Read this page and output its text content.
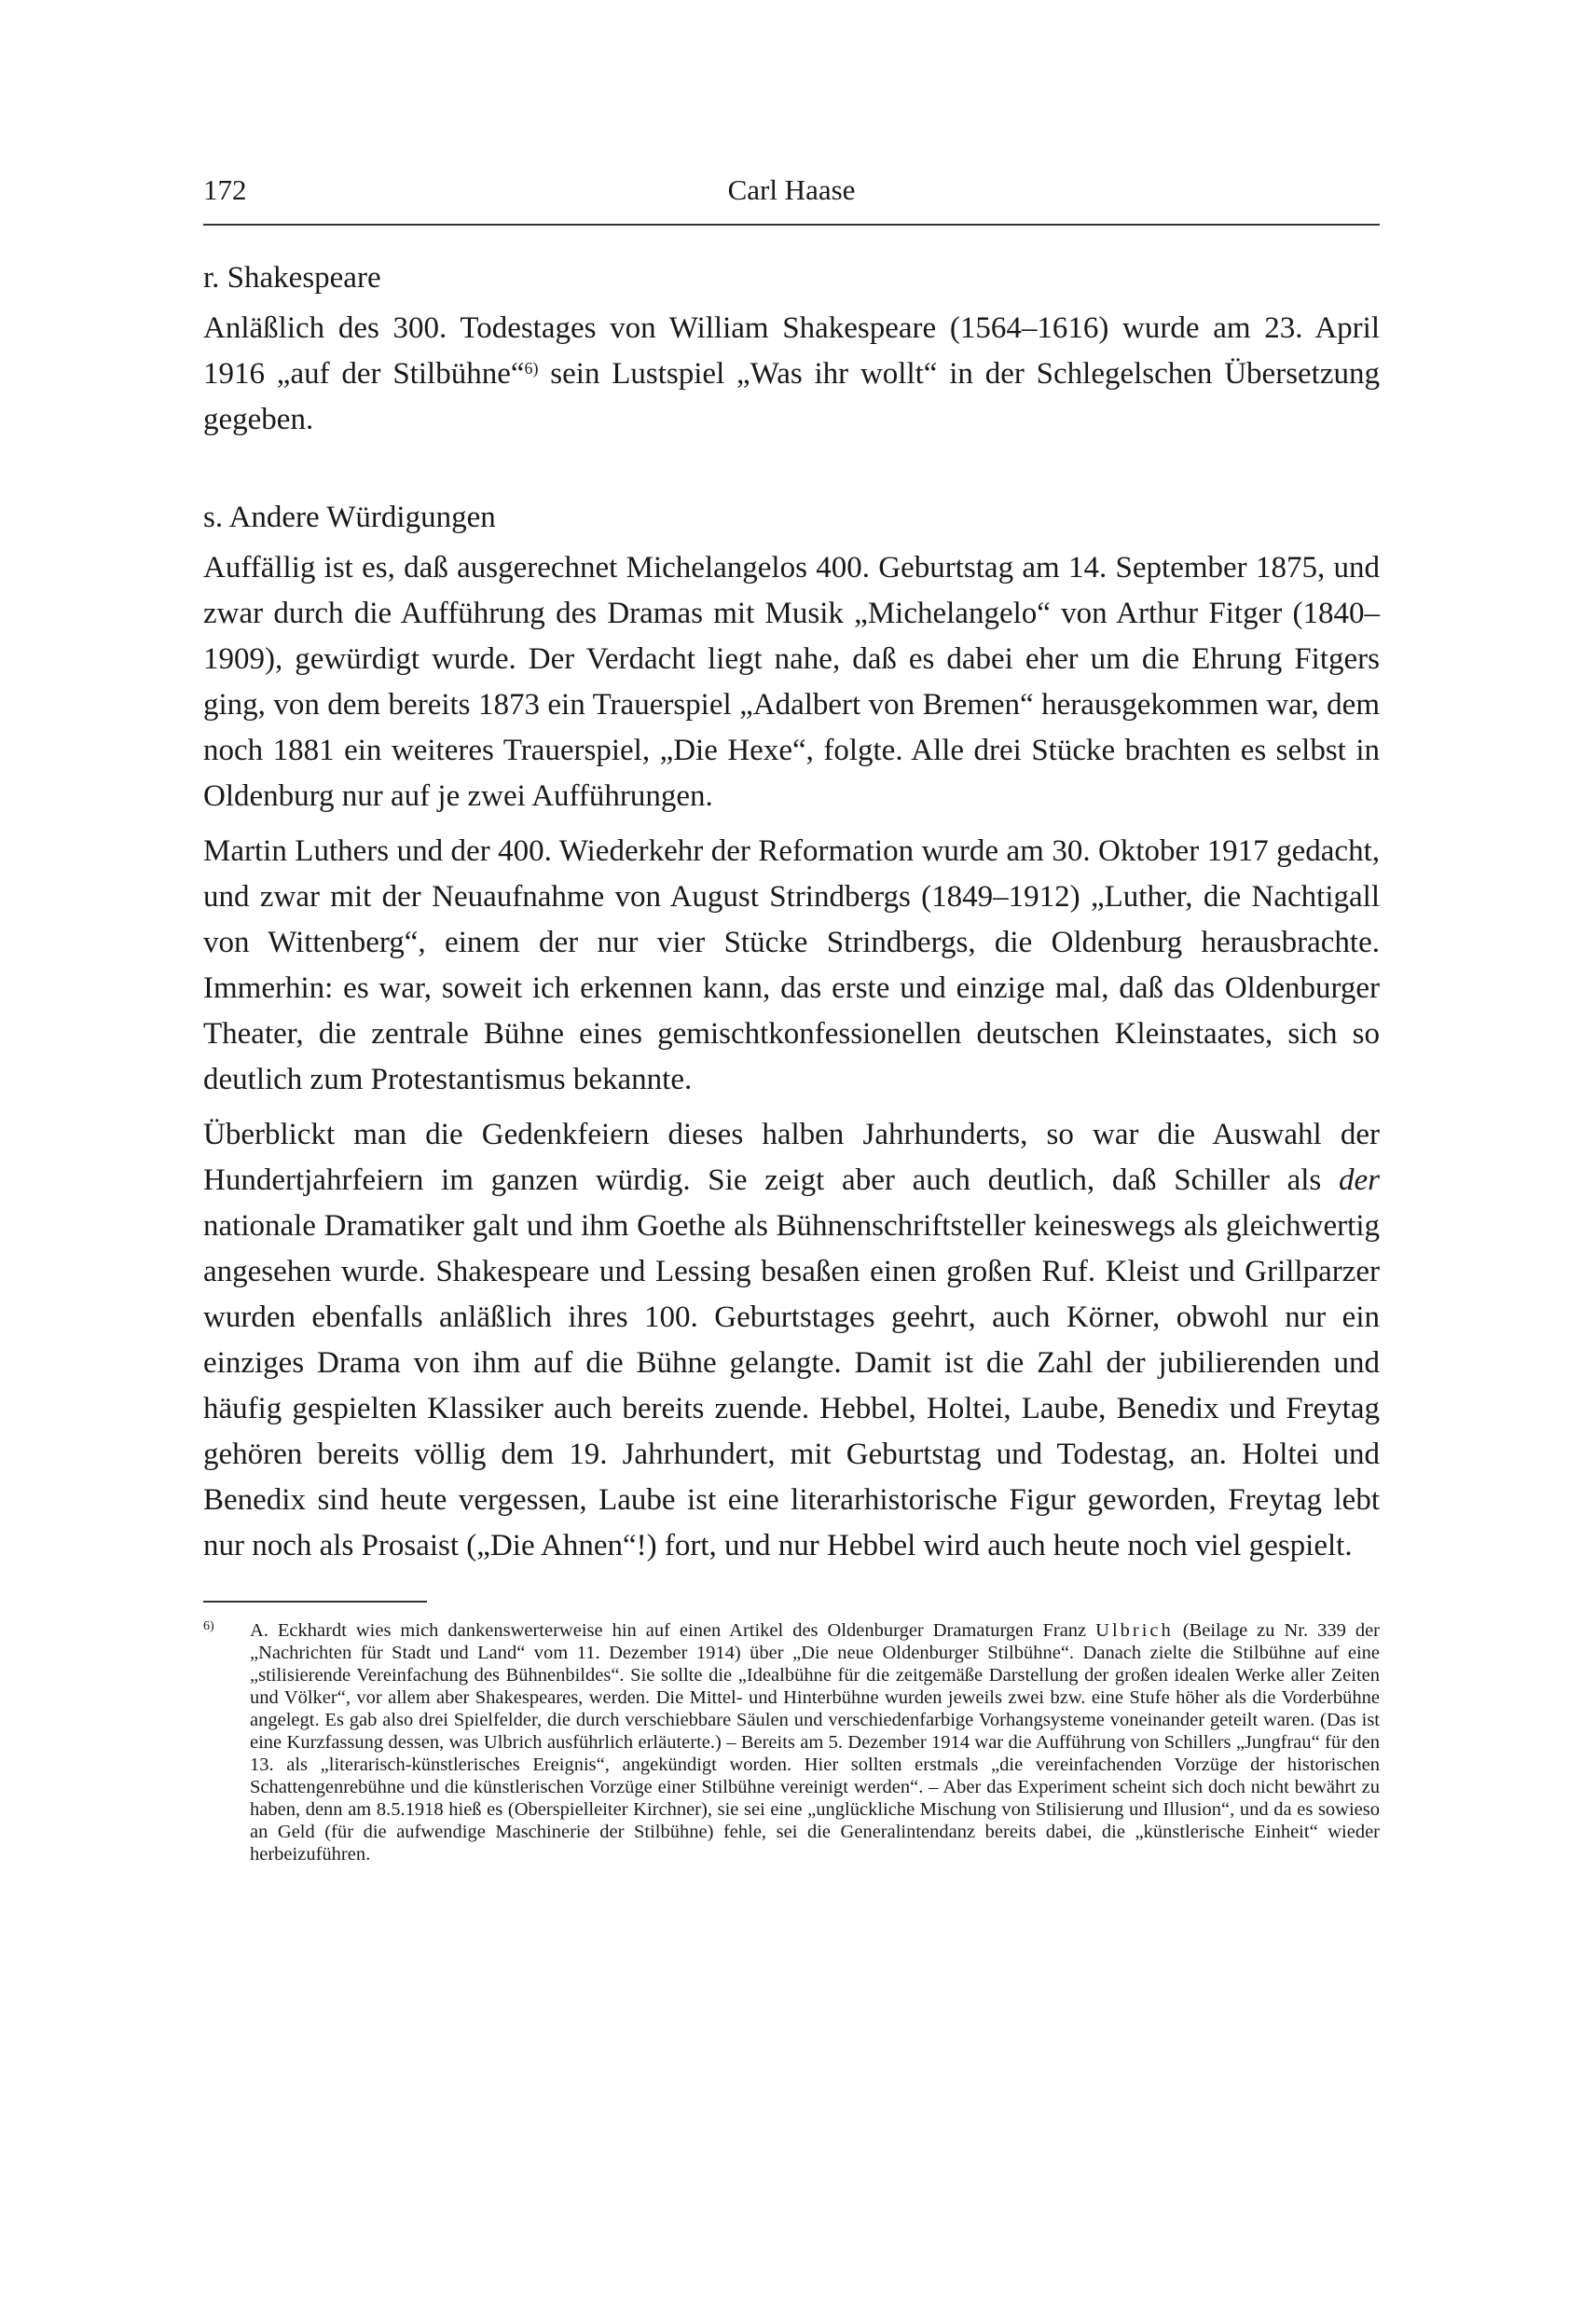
172	Carl Haase
r. Shakespeare

Anläßlich des 300. Todestages von William Shakespeare (1564–1616) wurde am 23. April 1916 „auf der Stilbühne“$^{6)}$ sein Lustspiel „Was ihr wollt“ in der Schlegelschen Übersetzung gegeben.

s. Andere Würdigungen

Auffällig ist es, daß ausgerechnet Michelangelos 400. Geburtstag am 14. September 1875, und zwar durch die Aufführung des Dramas mit Musik „Michelangelo“ von Arthur Fitger (1840–1909), gewürdigt wurde. Der Verdacht liegt nahe, daß es dabei eher um die Ehrung Fitgers ging, von dem bereits 1873 ein Trauerspiel „Adalbert von Bremen“ herausgekommen war, dem noch 1881 ein weiteres Trauerspiel, „Die Hexe“, folgte. Alle drei Stücke brachten es selbst in Oldenburg nur auf je zwei Aufführungen.

Martin Luthers und der 400. Wiederkehr der Reformation wurde am 30. Oktober 1917 gedacht, und zwar mit der Neuaufnahme von August Strindbergs (1849–1912) „Luther, die Nachtigall von Wittenberg“, einem der nur vier Stücke Strindbergs, die Oldenburg herausbrachte. Immerhin: es war, soweit ich erkennen kann, das erste und einzige mal, daß das Oldenburger Theater, die zentrale Bühne eines gemischtkonfessionellen deutschen Kleinstaates, sich so deutlich zum Protestantismus bekannte.

Überblickt man die Gedenkfeiern dieses halben Jahrhunderts, so war die Auswahl der Hundertjahrfeiern im ganzen würdig. Sie zeigt aber auch deutlich, daß Schiller als der nationale Dramatiker galt und ihm Goethe als Bühnenschriftsteller keineswegs als gleichwertig angesehen wurde. Shakespeare und Lessing besaßen einen großen Ruf. Kleist und Grillparzer wurden ebenfalls anläßlich ihres 100. Geburtstages geehrt, auch Körner, obwohl nur ein einziges Drama von ihm auf die Bühne gelangte. Damit ist die Zahl der jubilierenden und häufig gespielten Klassiker auch bereits zuende. Hebbel, Holtei, Laube, Benedix und Freytag gehören bereits völlig dem 19. Jahrhundert, mit Geburtstag und Todestag, an. Holtei und Benedix sind heute vergessen, Laube ist eine literarhistorische Figur geworden, Freytag lebt nur noch als Prosaist („Die Ahnen“!) fort, und nur Hebbel wird auch heute noch viel gespielt.

6) A. Eckhardt wies mich dankenswerterweise hin auf einen Artikel des Oldenburger Dramaturgen Franz Ulbrich (Beilage zu Nr. 339 der „Nachrichten für Stadt und Land“ vom 11. Dezember 1914) über „Die neue Oldenburger Stilbühne“. Danach zielte die Stilbühne auf eine „stilisierende Vereinfachung des Bühnenbildes“. Sie sollte die „Idealbühne für die zeitgemäße Darstellung der großen idealen Werke aller Zeiten und Völker“, vor allem aber Shakespeares, werden. Die Mittel- und Hinterbühne wurden jeweils zwei bzw. eine Stufe höher als die Vorderbühne angelegt. Es gab also drei Spielfelder, die durch verschiebbare Säulen und verschiedenfarbige Vorhangsysteme voneinander geteilt waren. (Das ist eine Kurzfassung dessen, was Ulbrich ausführlich erläuterte.) – Bereits am 5. Dezember 1914 war die Aufführung von Schillers „Jungfrau“ für den 13. als „literarisch-künstlerisches Ereignis“, angekündigt worden. Hier sollten erstmals „die vereinfachenden Vorzüge der historischen Schattengenrebühne und die künstlerischen Vorzüge einer Stilbühne vereinigt werden“. – Aber das Experiment scheint sich doch nicht bewährt zu haben, denn am 8.5.1918 hieß es (Oberspielleiter Kirchner), sie sei eine „unglückliche Mischung von Stilisierung und Illusion“, und da es sowieso an Geld (für die aufwendige Maschinerie der Stilbühne) fehle, sei die Generalintendanz bereits dabei, die „künstlerische Einheit“ wieder herbeizuführen.
